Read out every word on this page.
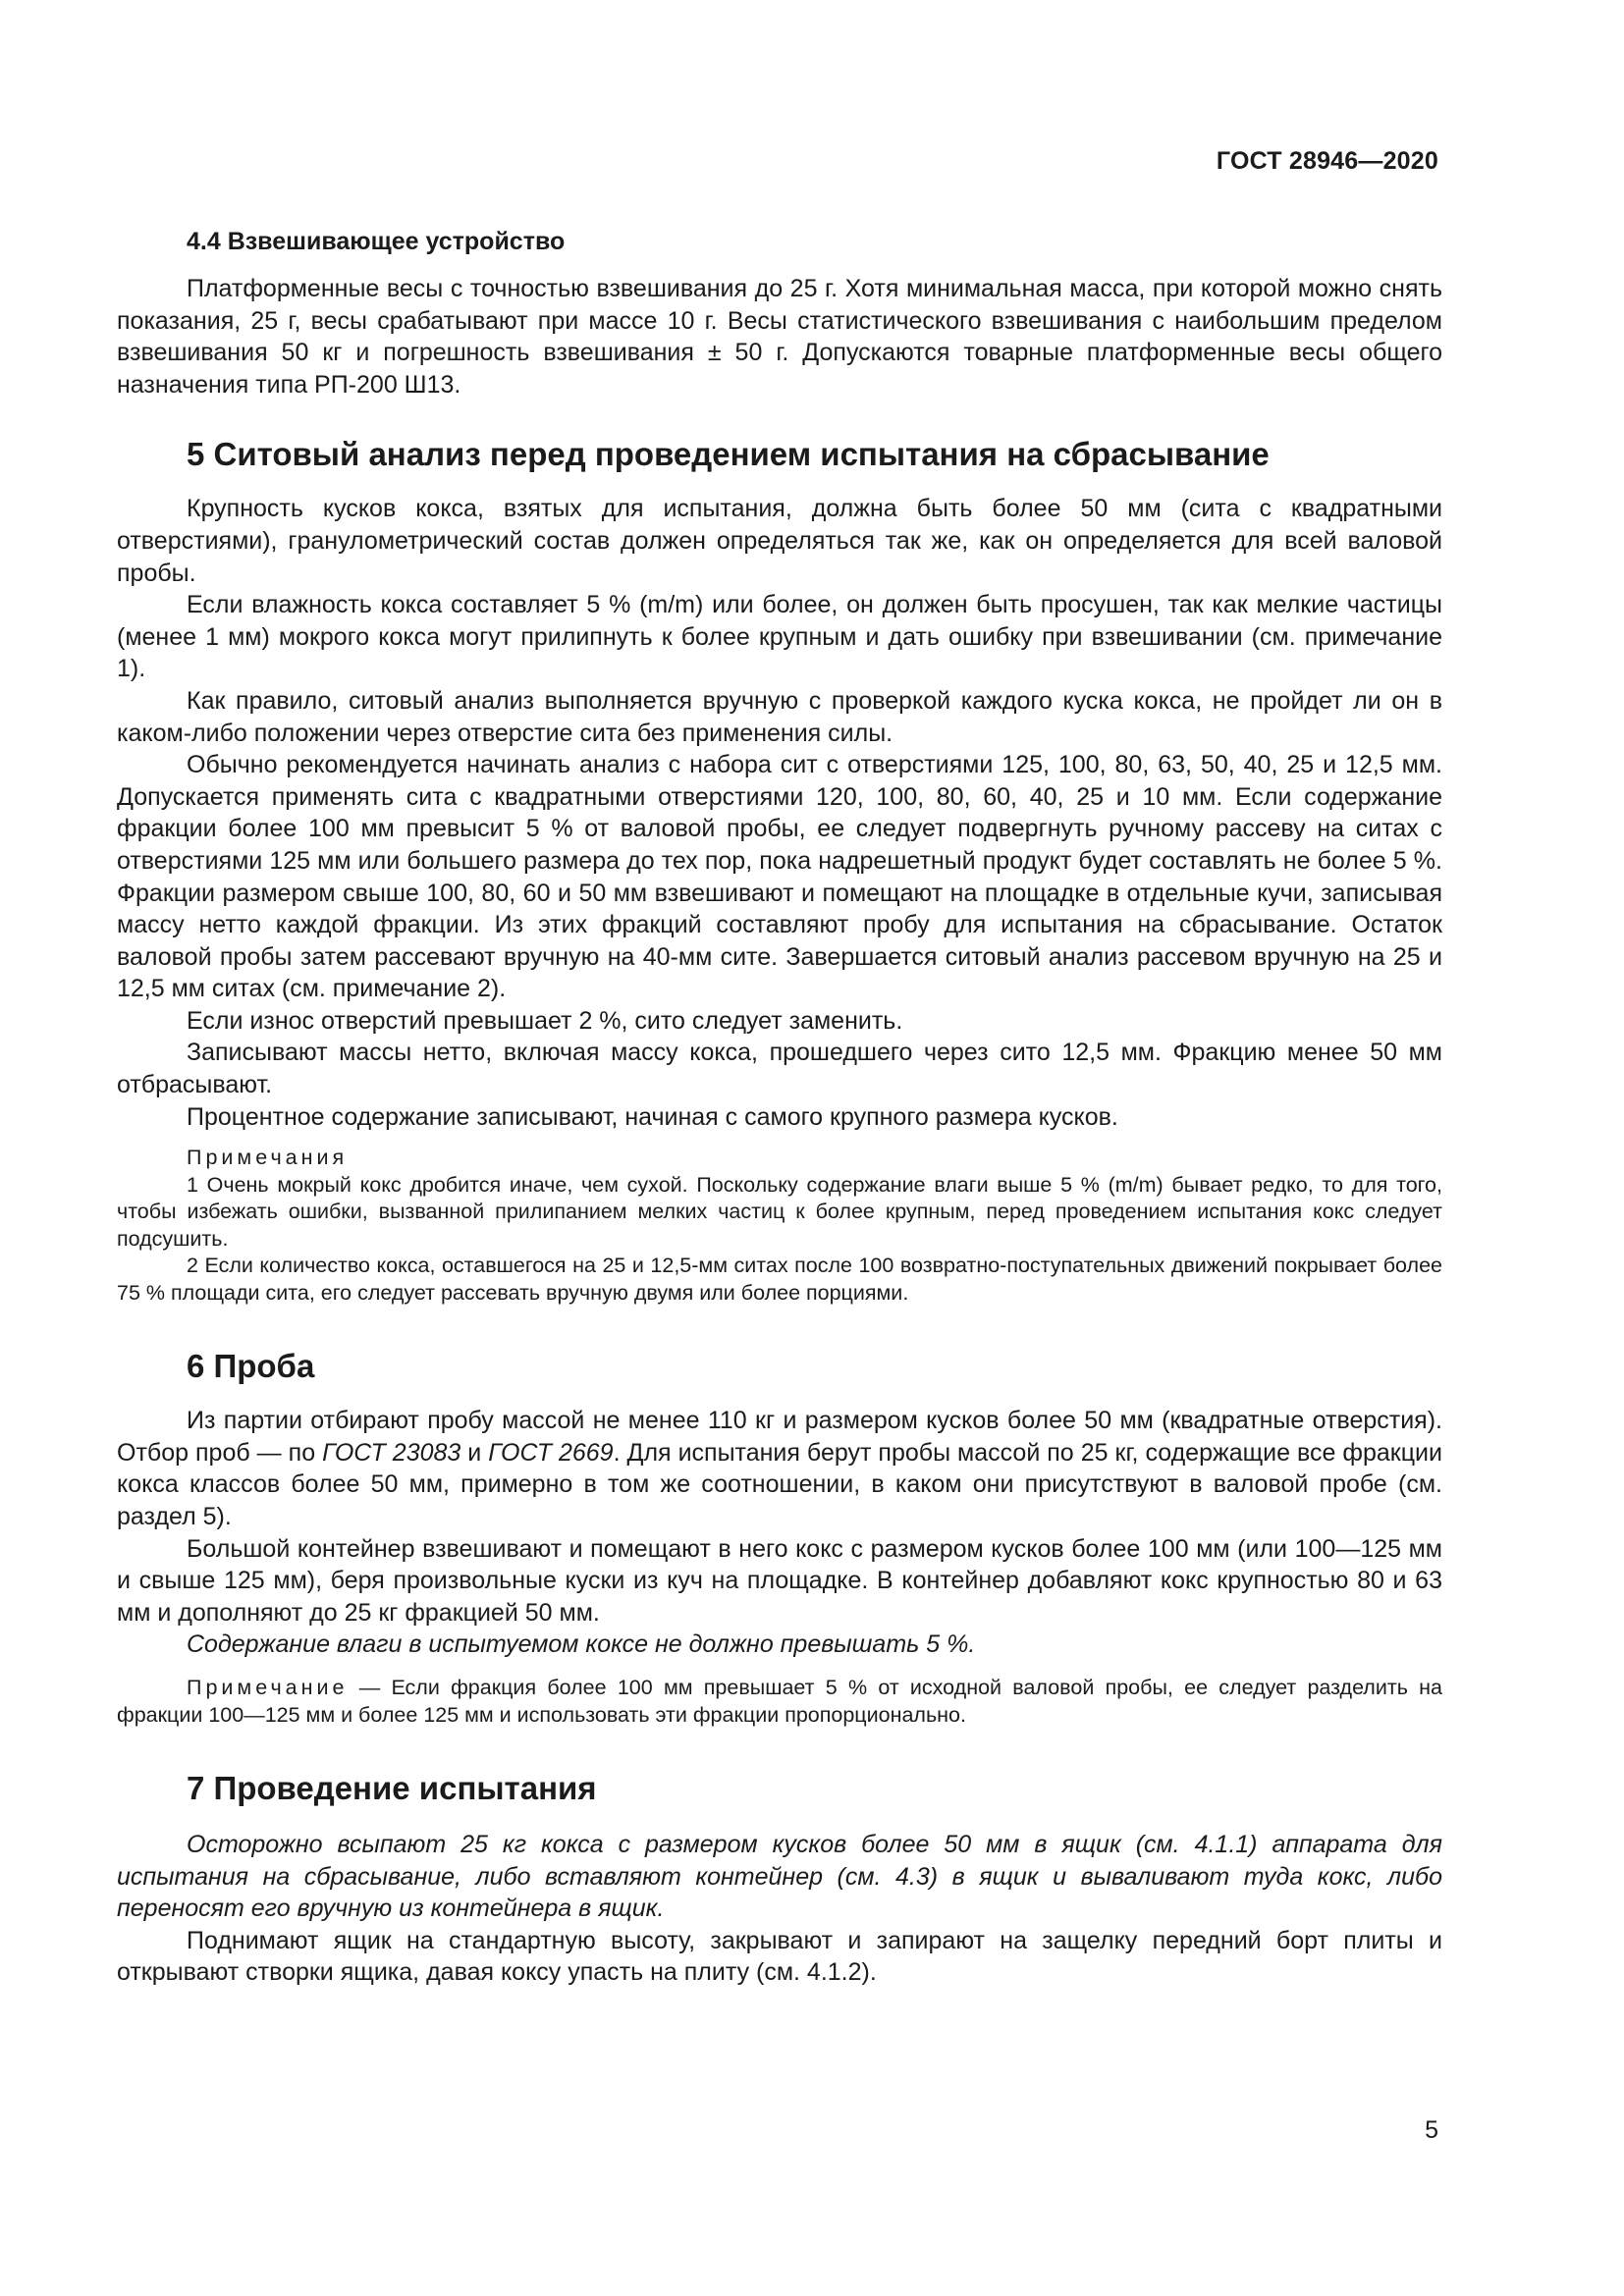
ГОСТ 28946—2020
4.4 Взвешивающее устройство

Платформенные весы с точностью взвешивания до 25 г. Хотя минимальная масса, при которой можно снять показания, 25 г, весы срабатывают при массе 10 г. Весы статистического взвешивания с наибольшим пределом взвешивания 50 кг и погрешность взвешивания ± 50 г. Допускаются товарные платформенные весы общего назначения типа РП-200 Ш13.

5 Ситовый анализ перед проведением испытания на сбрасывание

Крупность кусков кокса, взятых для испытания, должна быть более 50 мм (сита с квадратными отверстиями), гранулометрический состав должен определяться так же, как он определяется для всей валовой пробы.

Если влажность кокса составляет 5 % (m/m) или более, он должен быть просушен, так как мелкие частицы (менее 1 мм) мокрого кокса могут прилипнуть к более крупным и дать ошибку при взвешивании (см. примечание 1).

Как правило, ситовый анализ выполняется вручную с проверкой каждого куска кокса, не пройдет ли он в каком-либо положении через отверстие сита без применения силы.

Обычно рекомендуется начинать анализ с набора сит с отверстиями 125, 100, 80, 63, 50, 40, 25 и 12,5 мм. Допускается применять сита с квадратными отверстиями 120, 100, 80, 60, 40, 25 и 10 мм. Если содержание фракции более 100 мм превысит 5 % от валовой пробы, ее следует подвергнуть ручному рассеву на ситах с отверстиями 125 мм или большего размера до тех пор, пока надрешетный продукт будет составлять не более 5 %. Фракции размером свыше 100, 80, 60 и 50 мм взвешивают и помещают на площадке в отдельные кучи, записывая массу нетто каждой фракции. Из этих фракций составляют пробу для испытания на сбрасывание. Остаток валовой пробы затем рассевают вручную на 40-мм сите. Завершается ситовый анализ рассевом вручную на 25 и 12,5 мм ситах (см. примечание 2).

Если износ отверстий превышает 2 %, сито следует заменить.

Записывают массы нетто, включая массу кокса, прошедшего через сито 12,5 мм. Фракцию менее 50 мм отбрасывают.

Процентное содержание записывают, начиная с самого крупного размера кусков.

Примечания

1 Очень мокрый кокс дробится иначе, чем сухой. Поскольку содержание влаги выше 5 % (m/m) бывает редко, то для того, чтобы избежать ошибки, вызванной прилипанием мелких частиц к более крупным, перед проведением испытания кокс следует подсушить.

2 Если количество кокса, оставшегося на 25 и 12,5-мм ситах после 100 возвратно-поступательных движений покрывает более 75 % площади сита, его следует рассевать вручную двумя или более порциями.

6 Проба

Из партии отбирают пробу массой не менее 110 кг и размером кусков более 50 мм (квадратные отверстия). Отбор проб — по ГОСТ 23083 и ГОСТ 2669. Для испытания берут пробы массой по 25 кг, содержащие все фракции кокса классов более 50 мм, примерно в том же соотношении, в каком они присутствуют в валовой пробе (см. раздел 5).

Большой контейнер взвешивают и помещают в него кокс с размером кусков более 100 мм (или 100—125 мм и свыше 125 мм), беря произвольные куски из куч на площадке. В контейнер добавляют кокс крупностью 80 и 63 мм и дополняют до 25 кг фракцией 50 мм.

Содержание влаги в испытуемом коксе не должно превышать 5 %.

Примечание — Если фракция более 100 мм превышает 5 % от исходной валовой пробы, ее следует разделить на фракции 100—125 мм и более 125 мм и использовать эти фракции пропорционально.

7 Проведение испытания

Осторожно всыпают 25 кг кокса с размером кусков более 50 мм в ящик (см. 4.1.1) аппарата для испытания на сбрасывание, либо вставляют контейнер (см. 4.3) в ящик и вываливают туда кокс, либо переносят его вручную из контейнера в ящик.

Поднимают ящик на стандартную высоту, закрывают и запирают на защелку передний борт плиты и открывают створки ящика, давая коксу упасть на плиту (см. 4.1.2).

5
